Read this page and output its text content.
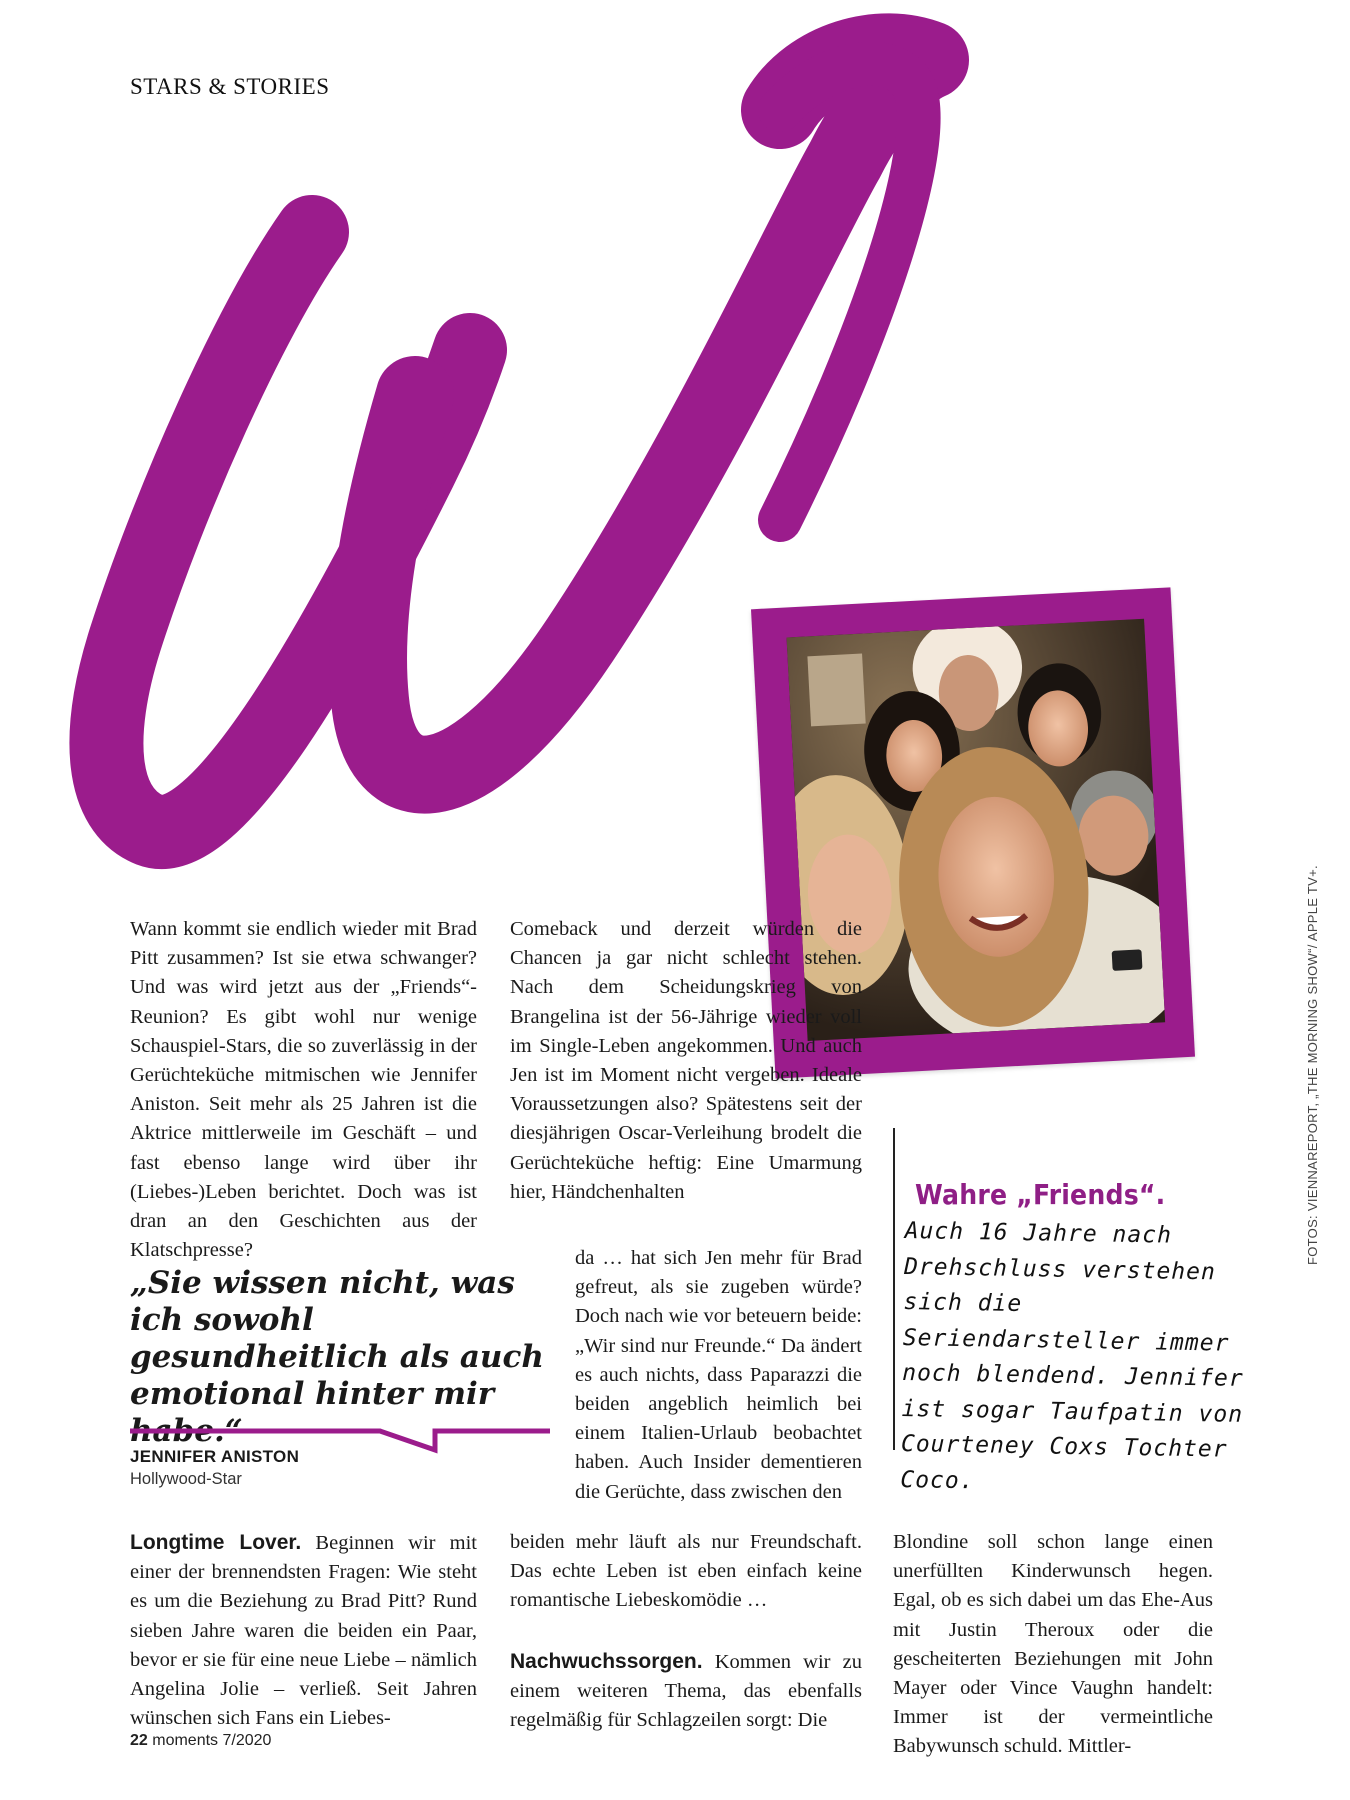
STARS & STORIES

Wann kommt sie endlich wieder mit Brad Pitt zusammen? Ist sie etwa schwanger? Und was wird jetzt aus der „Friends“-Reunion? Es gibt wohl nur wenige Schauspiel-Stars, die so zuverlässig in der Gerüchteküche mitmischen wie Jennifer Aniston. Seit mehr als 25 Jahren ist die Aktrice mittlerweile im Geschäft – und fast ebenso lange wird über ihr (Liebes-)Leben berichtet. Doch was ist dran an den Geschichten aus der Klatschpresse?

Comeback und derzeit würden die Chancen ja gar nicht schlecht stehen. Nach dem Scheidungskrieg von Brangelina ist der 56-Jährige wieder voll im Single-Leben angekommen. Und auch Jen ist im Moment nicht vergeben. Ideale Voraussetzungen also? Spätestens seit der diesjährigen Oscar-Verleihung brodelt die Gerüchteküche heftig: Eine Umarmung hier, Händchenhalten

da … hat sich Jen mehr für Brad gefreut, als sie zugeben würde? Doch nach wie vor beteuern beide: „Wir sind nur Freunde.“ Da ändert es auch nichts, dass Paparazzi die beiden angeblich heimlich bei einem Italien-Urlaub beobachtet haben. Auch Insider dementieren die Gerüchte, dass zwischen den

„Sie wissen nicht, was ich sowohl gesundheitlich als auch emotional hinter mir habe.“
JENNIFER ANISTON
Hollywood-Star

Longtime Lover. Beginnen wir mit einer der brennendsten Fragen: Wie steht es um die Beziehung zu Brad Pitt? Rund sieben Jahre waren die beiden ein Paar, bevor er sie für eine neue Liebe – nämlich Angelina Jolie – verließ. Seit Jahren wünschen sich Fans ein Liebes-

beiden mehr läuft als nur Freundschaft. Das echte Leben ist eben einfach keine romantische Liebeskomödie …

Nachwuchssorgen. Kommen wir zu einem weiteren Thema, das ebenfalls regelmäßig für Schlagzeilen sorgt: Die

Blondine soll schon lange einen unerfüllten Kinderwunsch hegen. Egal, ob es sich dabei um das Ehe-Aus mit Justin Theroux oder die gescheiterten Beziehungen mit John Mayer oder Vince Vaughn handelt: Immer ist der vermeintliche Babywunsch schuld. Mittler-

Wahre „Friends“.
Auch 16 Jahre nach Drehschluss verstehen sich die Seriendarsteller immer noch blendend. Jennifer ist sogar Taufpatin von Courteney Coxs Tochter Coco.
FOTOS: VIENNAREPORT, „THE MORNING SHOW“/ APPLE TV+.
22 moments 7/2020
